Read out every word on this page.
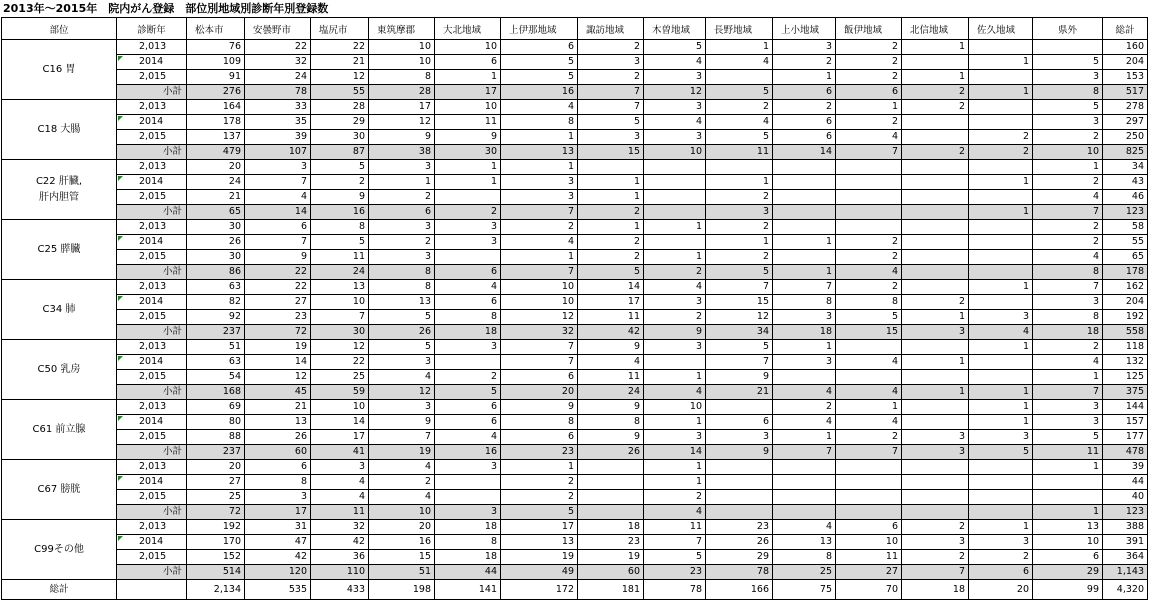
2013年～2015年　院内がん登録　部位別地域別診断年別登録数
部位	診断年	松本市	安曇野市	塩尻市	東筑摩郡	大北地域	上伊那地域	諏訪地域	木曽地域	長野地域	上小地域	飯伊地域	北信地域	佐久地域	県外	総計
C16 胃	2,013	76	22	22	10	10	6	2	5	1	3	2	1			160
	2014	109	32	21	10	6	5	3	4	4	2	2		1	5	204
	2,015	91	24	12	8	1	5	2	3		1	2	1		3	153
	小計	276	78	55	28	17	16	7	12	5	6	6	2	1	8	517
C18 大腸	2,013	164	33	28	17	10	4	7	3	2	2	1	2		5	278
	2014	178	35	29	12	11	8	5	4	4	6	2			3	297
	2,015	137	39	30	9	9	1	3	3	5	6	4		2	2	250
	小計	479	107	87	38	30	13	15	10	11	14	7	2	2	10	825
C22 肝臓,
肝内胆管	2,013	20	3	5	3	1	1								1	34
	2014	24	7	2	1	1	3	1		1				1	2	43
	2,015	21	4	9	2		3	1		2					4	46
	小計	65	14	16	6	2	7	2		3				1	7	123
C25 膵臓	2,013	30	6	8	3	3	2	1	1	2					2	58
	2014	26	7	5	2	3	4	2		1	1	2			2	55
	2,015	30	9	11	3		1	2	1	2		2			4	65
	小計	86	22	24	8	6	7	5	2	5	1	4			8	178
C34 肺	2,013	63	22	13	8	4	10	14	4	7	7	2		1	7	162
	2014	82	27	10	13	6	10	17	3	15	8	8	2		3	204
	2,015	92	23	7	5	8	12	11	2	12	3	5	1	3	8	192
	小計	237	72	30	26	18	32	42	9	34	18	15	3	4	18	558
C50 乳房	2,013	51	19	12	5	3	7	9	3	5	1			1	2	118
	2014	63	14	22	3		7	4		7	3	4	1		4	132
	2,015	54	12	25	4	2	6	11	1	9					1	125
	小計	168	45	59	12	5	20	24	4	21	4	4	1	1	7	375
C61 前立腺	2,013	69	21	10	3	6	9	9	10		2	1		1	3	144
	2014	80	13	14	9	6	8	8	1	6	4	4		1	3	157
	2,015	88	26	17	7	4	6	9	3	3	1	2	3	3	5	177
	小計	237	60	41	19	16	23	26	14	9	7	7	3	5	11	478
C67 膀胱	2,013	20	6	3	4	3	1		1						1	39
	2014	27	8	4	2		2		1							44
	2,015	25	3	4	4		2		2							40
	小計	72	17	11	10	3	5		4						1	123
C99その他	2,013	192	31	32	20	18	17	18	11	23	4	6	2	1	13	388
	2014	170	47	42	16	8	13	23	7	26	13	10	3	3	10	391
	2,015	152	42	36	15	18	19	19	5	29	8	11	2	2	6	364
	小計	514	120	110	51	44	49	60	23	78	25	27	7	6	29	1,143
総計		2,134	535	433	198	141	172	181	78	166	75	70	18	20	99	4,320
